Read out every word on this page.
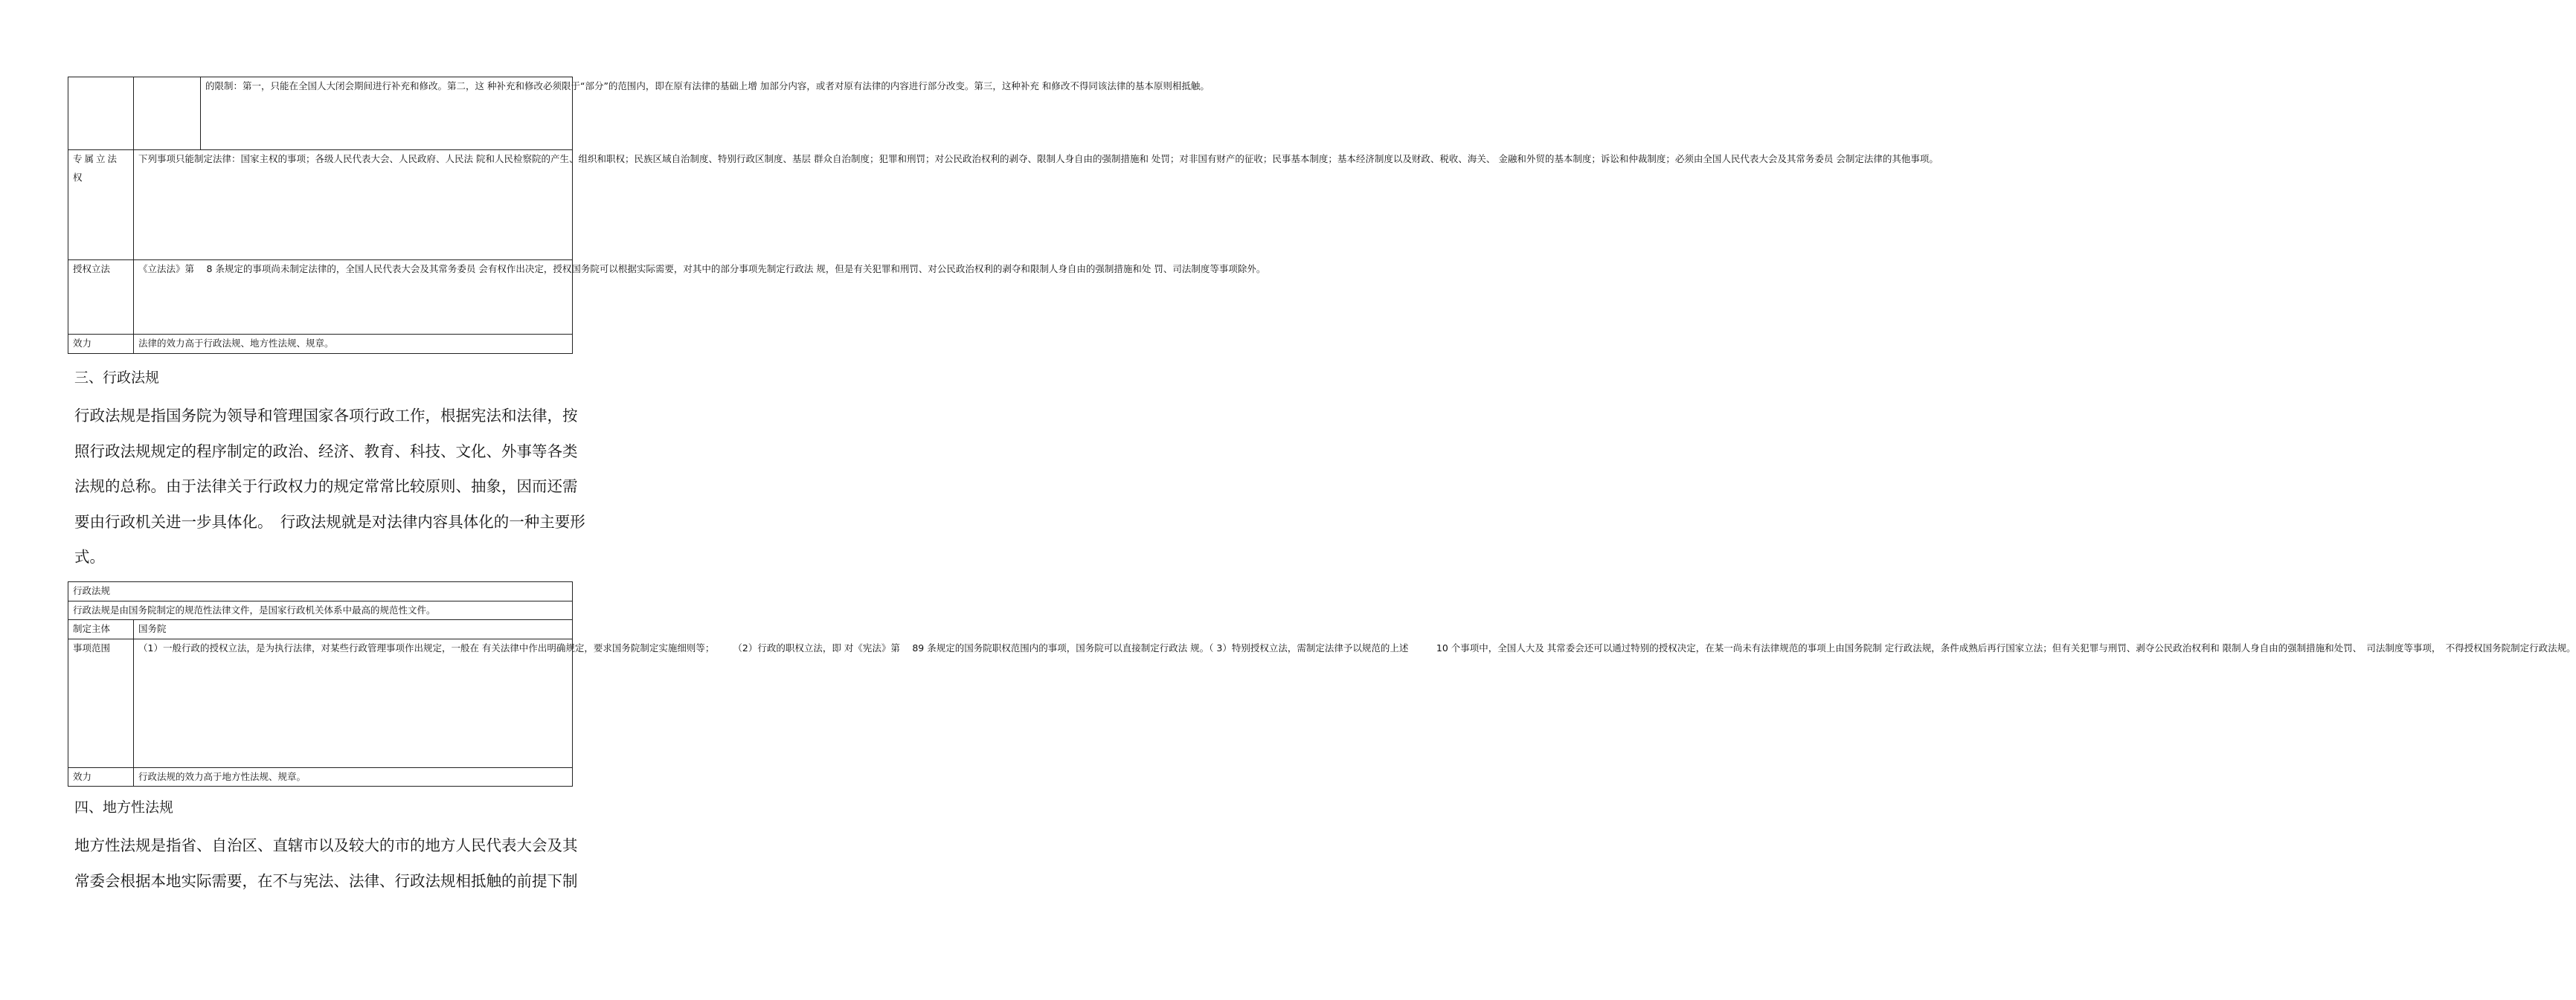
		的限制：第一，只能在全国人大闭会期间进行补充和修改。第二，这 种补充和修改必须限于“部分”的范围内，即在原有法律的基础上增 加部分内容，或者对原有法律的内容进行部分改变。第三，这种补充 和修改不得同该法律的基本原则相抵触。
专属立法
权	下列事项只能制定法律：国家主权的事项；各级人民代表大会、人民政府、人民法 院和人民检察院的产生、组织和职权；民族区域自治制度、特别行政区制度、基层 群众自治制度；犯罪和刑罚；对公民政治权利的剥夺、限制人身自由的强制措施和 处罚；对非国有财产的征收；民事基本制度；基本经济制度以及财政、税收、海关、 金融和外贸的基本制度；诉讼和仲裁制度；必须由全国人民代表大会及其常务委员 会制定法律的其他事项。	
授权立法	《立法法》第　 8 条规定的事项尚未制定法律的，全国人民代表大会及其常务委员 会有权作出决定，授权国务院可以根据实际需要，对其中的部分事项先制定行政法 规，但是有关犯罪和刑罚、对公民政治权利的剥夺和限制人身自由的强制措施和处 罚、司法制度等事项除外。	
效力	法律的效力高于行政法规、地方性法规、规章。	
三、行政法规
行政法规是指国务院为领导和管理国家各项行政工作，根据宪法和法律，按
照行政法规规定的程序制定的政治、经济、教育、科技、文化、外事等各类
法规的总称。由于法律关于行政权力的规定常常比较原则、抽象，因而还需
要由行政机关进一步具体化。　行政法规就是对法律内容具体化的一种主要形
式。
行政法规	
行政法规是由国务院制定的规范性法律文件，是国家行政机关体系中最高的规范性文件。	
制定主体	国务院
事项范围	（1）一般行政的授权立法，是为执行法律，对某些行政管理事项作出规定，一般在 有关法律中作出明确规定，要求国务院制定实施细则等；　　　（2）行政的职权立法，即 对《宪法》第　 89 条规定的国务院职权范围内的事项，国务院可以直接制定行政法 规。（ 3）特别授权立法，需制定法律予以规范的上述　　　10 个事项中，全国人大及 其常委会还可以通过特别的授权决定，在某一尚未有法律规范的事项上由国务院制 定行政法规，条件成熟后再行国家立法；但有关犯罪与刑罚、剥夺公民政治权利和 限制人身自由的强制措施和处罚、　司法制度等事项，　不得授权国务院制定行政法规。
效力	行政法规的效力高于地方性法规、规章。
四、地方性法规
地方性法规是指省、自治区、直辖市以及较大的市的地方人民代表大会及其
常委会根据本地实际需要，在不与宪法、法律、行政法规相抵触的前提下制
